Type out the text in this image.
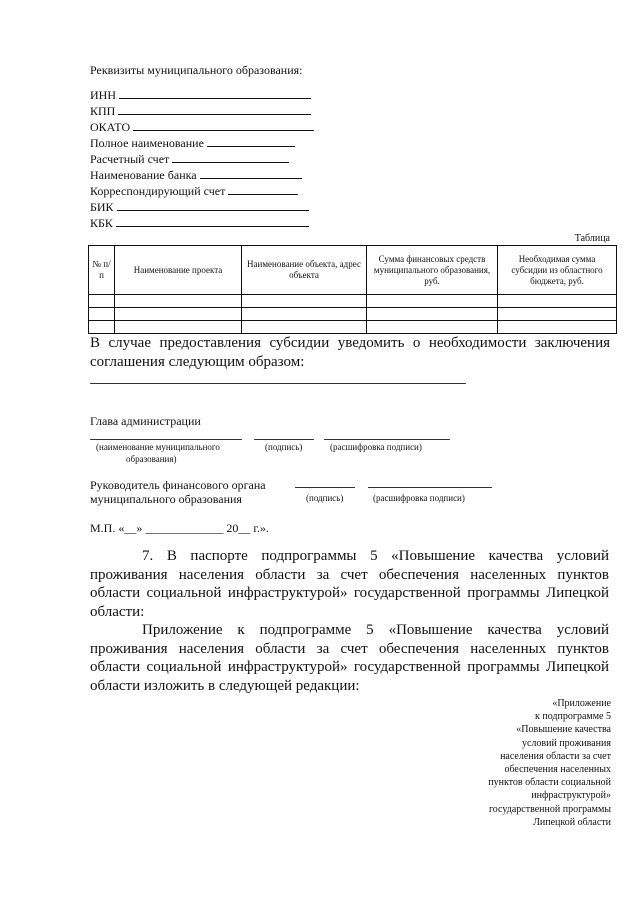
Реквизиты муниципального образования:
ИНН
КПП
ОКАТО
Полное наименование
Расчетный счет
Наименование банка
Корреспондирующий счет
БИК
КБК
Таблица
№ п/п	Наименование проекта	Наименование объекта, адрес объекта	Сумма финансовых средств муниципального образования, руб.	Необходимая сумма субсидии из областного бюджета, руб.

В случае предоставления субсидии уведомить о необходимости заключения соглашения следующим образом:
Глава администрации
(наименование муниципального
образования)
(подпись)	(расшифровка подписи)
Руководитель финансового органа
муниципального образования	(подпись)	(расшифровка подписи)
М.П. «__» _____________ 20__ г.».
7. В паспорте подпрограммы 5 «Повышение качества условий проживания населения области за счет обеспечения населенных пунктов области социальной инфраструктурой» государственной программы Липецкой области:
Приложение к подпрограмме 5 «Повышение качества условий проживания населения области за счет обеспечения населенных пунктов области социальной инфраструктурой» государственной программы Липецкой области изложить в следующей редакции:
«Приложение
к подпрограмме 5
«Повышение качества
условий проживания
населения области за счет
обеспечения населенных
пунктов области социальной
инфраструктурой»
государственной программы
Липецкой области
